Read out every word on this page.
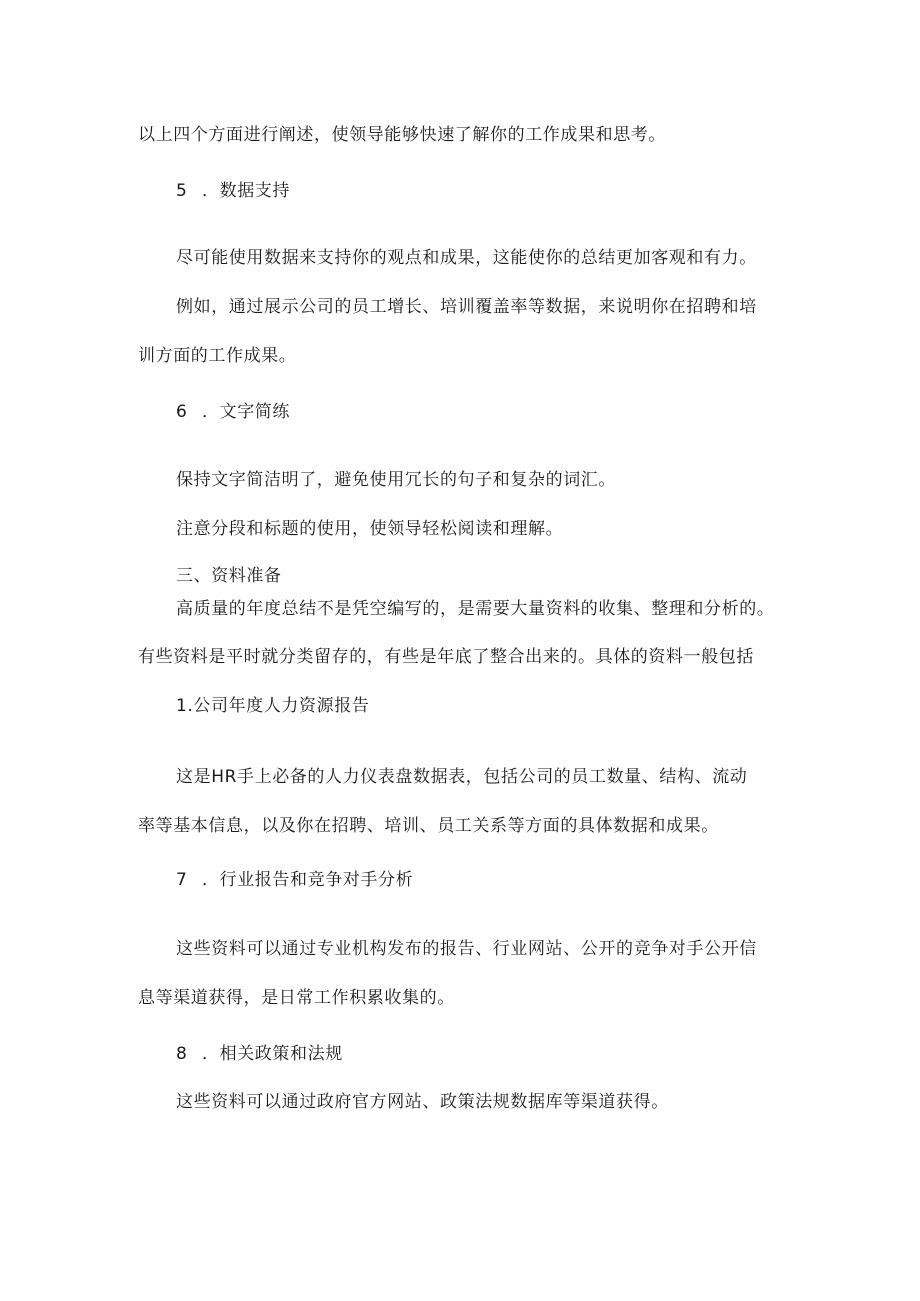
以上四个方面进行阐述，使领导能够快速了解你的工作成果和思考。
5 ．数据支持
尽可能使用数据来支持你的观点和成果，这能使你的总结更加客观和有力。
例如，通过展示公司的员工增长、培训覆盖率等数据，来说明你在招聘和培
训方面的工作成果。
6 ．文字简练
保持文字简洁明了，避免使用冗长的句子和复杂的词汇。
注意分段和标题的使用，使领导轻松阅读和理解。
三、资料准备
高质量的年度总结不是凭空编写的，是需要大量资料的收集、整理和分析的。
有些资料是平时就分类留存的，有些是年底了整合出来的。具体的资料一般包括
1.公司年度人力资源报告
这是HR手上必备的人力仪表盘数据表，包括公司的员工数量、结构、流动
率等基本信息，以及你在招聘、培训、员工关系等方面的具体数据和成果。
7 ．行业报告和竞争对手分析
这些资料可以通过专业机构发布的报告、行业网站、公开的竞争对手公开信
息等渠道获得，是日常工作积累收集的。
8 ．相关政策和法规
这些资料可以通过政府官方网站、政策法规数据库等渠道获得。
